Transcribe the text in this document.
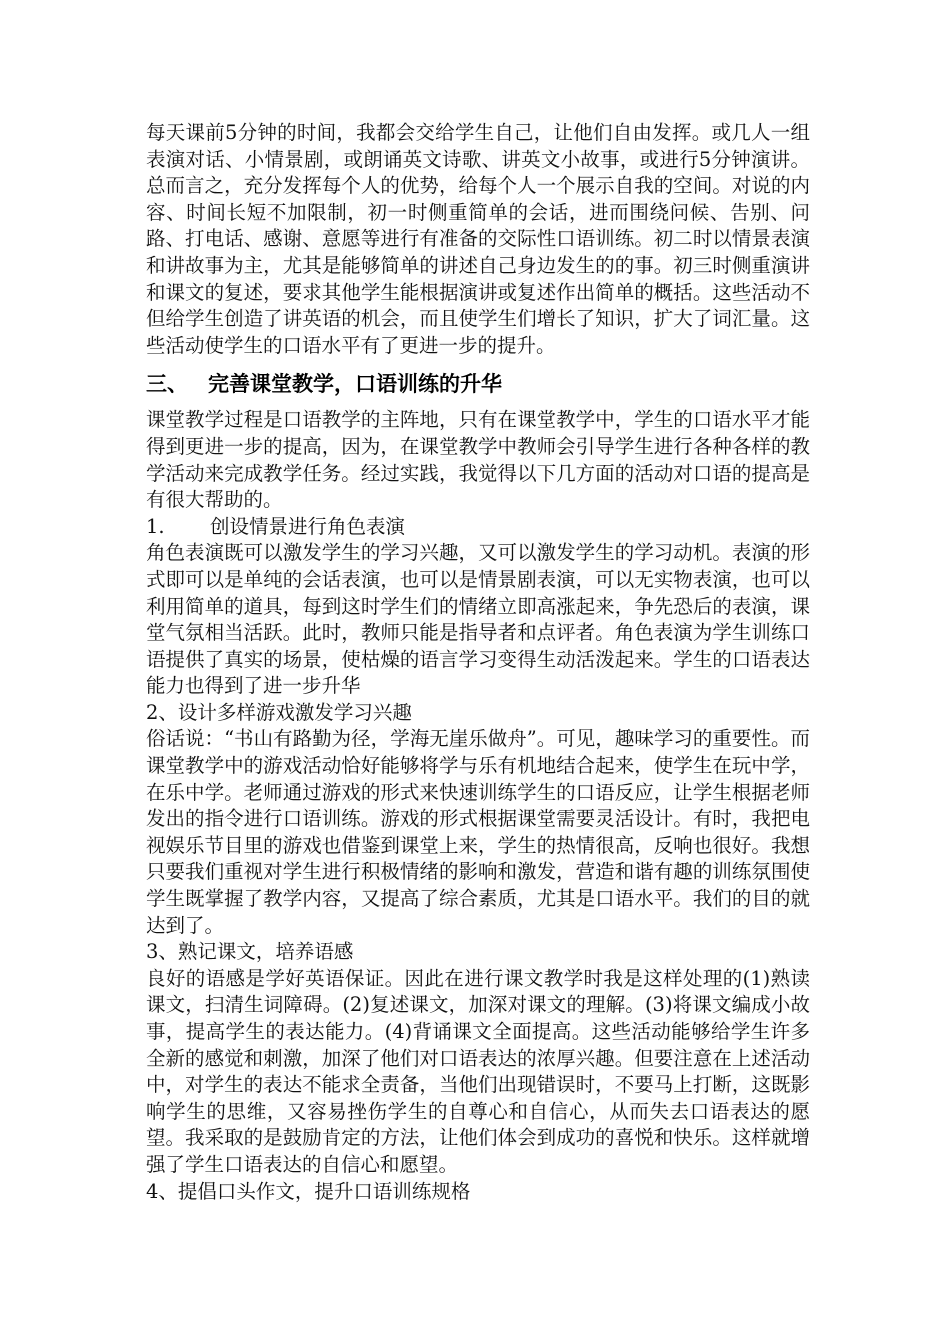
每天课前5分钟的时间，我都会交给学生自己，让他们自由发挥。或几人一组表演对话、小情景剧，或朗诵英文诗歌、讲英文小故事，或进行5分钟演讲。总而言之，充分发挥每个人的优势，给每个人一个展示自我的空间。对说的内容、时间长短不加限制，初一时侧重简单的会话，进而围绕问候、告别、问路、打电话、感谢、意愿等进行有准备的交际性口语训练。初二时以情景表演和讲故事为主，尤其是能够简单的讲述自己身边发生的的事。初三时侧重演讲和课文的复述，要求其他学生能根据演讲或复述作出简单的概括。这些活动不但给学生创造了讲英语的机会，而且使学生们增长了知识，扩大了词汇量。这些活动使学生的口语水平有了更进一步的提升。

三、 完善课堂教学，口语训练的升华

课堂教学过程是口语教学的主阵地，只有在课堂教学中，学生的口语水平才能得到更进一步的提高，因为，在课堂教学中教师会引导学生进行各种各样的教学活动来完成教学任务。经过实践，我觉得以下几方面的活动对口语的提高是有很大帮助的。

1. 创设情景进行角色表演

角色表演既可以激发学生的学习兴趣，又可以激发学生的学习动机。表演的形式即可以是单纯的会话表演，也可以是情景剧表演，可以无实物表演，也可以利用简单的道具，每到这时学生们的情绪立即高涨起来，争先恐后的表演，课堂气氛相当活跃。此时，教师只能是指导者和点评者。角色表演为学生训练口语提供了真实的场景，使枯燥的语言学习变得生动活泼起来。学生的口语表达能力也得到了进一步升华

2、设计多样游戏激发学习兴趣

俗话说：“书山有路勤为径，学海无崖乐做舟”。可见，趣味学习的重要性。而课堂教学中的游戏活动恰好能够将学与乐有机地结合起来，使学生在玩中学，在乐中学。老师通过游戏的形式来快速训练学生的口语反应，让学生根据老师发出的指令进行口语训练。游戏的形式根据课堂需要灵活设计。有时，我把电视娱乐节目里的游戏也借鉴到课堂上来，学生的热情很高，反响也很好。我想只要我们重视对学生进行积极情绪的影响和激发，营造和谐有趣的训练氛围使学生既掌握了教学内容，又提高了综合素质，尤其是口语水平。我们的目的就达到了。

3、熟记课文，培养语感

良好的语感是学好英语保证。因此在进行课文教学时我是这样处理的(1)熟读课文，扫清生词障碍。(2)复述课文，加深对课文的理解。(3)将课文编成小故事，提高学生的表达能力。(4)背诵课文全面提高。这些活动能够给学生许多全新的感觉和刺激，加深了他们对口语表达的浓厚兴趣。但要注意在上述活动中，对学生的表达不能求全责备，当他们出现错误时，不要马上打断，这既影响学生的思维，又容易挫伤学生的自尊心和自信心，从而失去口语表达的愿望。我采取的是鼓励肯定的方法，让他们体会到成功的喜悦和快乐。这样就增强了学生口语表达的自信心和愿望。

4、提倡口头作文，提升口语训练规格
